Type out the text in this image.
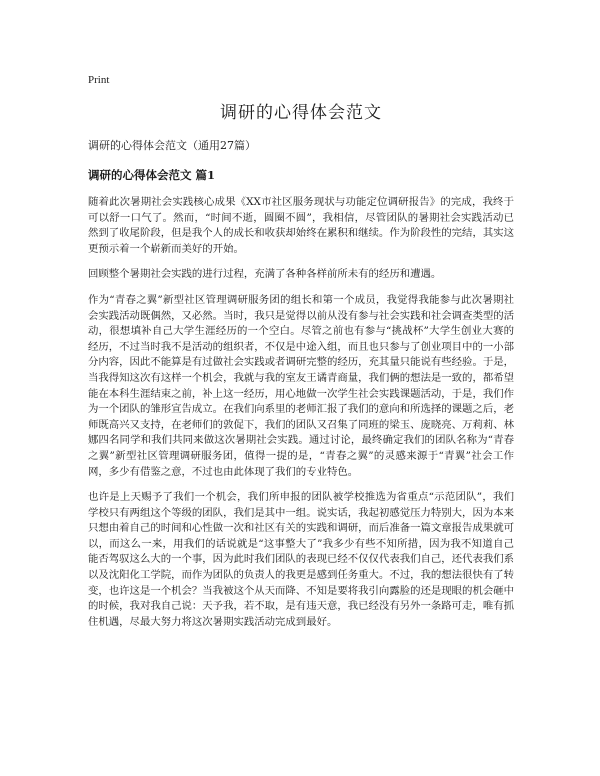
Print
调研的心得体会范文

调研的心得体会范文（通用27篇）

调研的心得体会范文 篇1

随着此次暑期社会实践核心成果《XX市社区服务现状与功能定位调研报告》的完成，我终于可以舒一口气了。然而，“时间不逝，圆圈不圆”，我相信，尽管团队的暑期社会实践活动已然到了收尾阶段，但是我个人的成长和收获却始终在累积和继续。作为阶段性的完结，其实这更预示着一个崭新而美好的开始。

回顾整个暑期社会实践的进行过程，充满了各种各样前所未有的经历和遭遇。

作为“青春之翼”新型社区管理调研服务团的组长和第一个成员，我觉得我能参与此次暑期社会实践活动既偶然，又必然。当时，我只是觉得以前从没有参与社会实践和社会调查类型的活动，很想填补自己大学生涯经历的一个空白。尽管之前也有参与“挑战杯”大学生创业大赛的经历，不过当时我不是活动的组织者，不仅是中途入组，而且也只参与了创业项目中的一小部分内容，因此不能算是有过做社会实践或者调研完整的经历，充其量只能说有些经验。于是，当我得知这次有这样一个机会，我就与我的室友王谲青商量，我们俩的想法是一致的，都希望能在本科生涯结束之前，补上这一经历，用心地做一次学生社会实践课题活动，于是，我们作为一个团队的雏形宣告成立。在我们向系里的老师汇报了我们的意向和所选择的课题之后，老师既高兴又支持，在老师们的敦促下，我们的团队又召集了同班的梁玉、庞晓亮、万莉莉、林娜四名同学和我们共同来做这次暑期社会实践。通过讨论，最终确定我们的团队名称为“青春之翼”新型社区管理调研服务团，值得一提的是，“青春之翼”的灵感来源于“青翼”社会工作网，多少有借鉴之意，不过也由此体现了我们的专业特色。

也许是上天赐予了我们一个机会，我们所申报的团队被学校推选为省重点“示范团队”，我们学校只有两组这个等级的团队，我们是其中一组。说实话，我起初感觉压力特别大，因为本来只想由着自己的时间和心性做一次和社区有关的实践和调研，而后准备一篇文章报告成果就可以，而这么一来，用我们的话说就是“这事整大了”我多少有些不知所措，因为我不知道自己能否驾驭这么大的一个事，因为此时我们团队的表现已经不仅仅代表我们自己，还代表我们系以及沈阳化工学院，而作为团队的负责人的我更是感到任务重大。不过，我的想法很快有了转变，也许这是一个机会？当我被这个从天而降、不知是要将我引向露脸的还是现眼的机会砸中的时候，我对我自己说：天予我，若不取，是有违天意，我已经没有另外一条路可走，唯有抓住机遇，尽最大努力将这次暑期实践活动完成到最好。
